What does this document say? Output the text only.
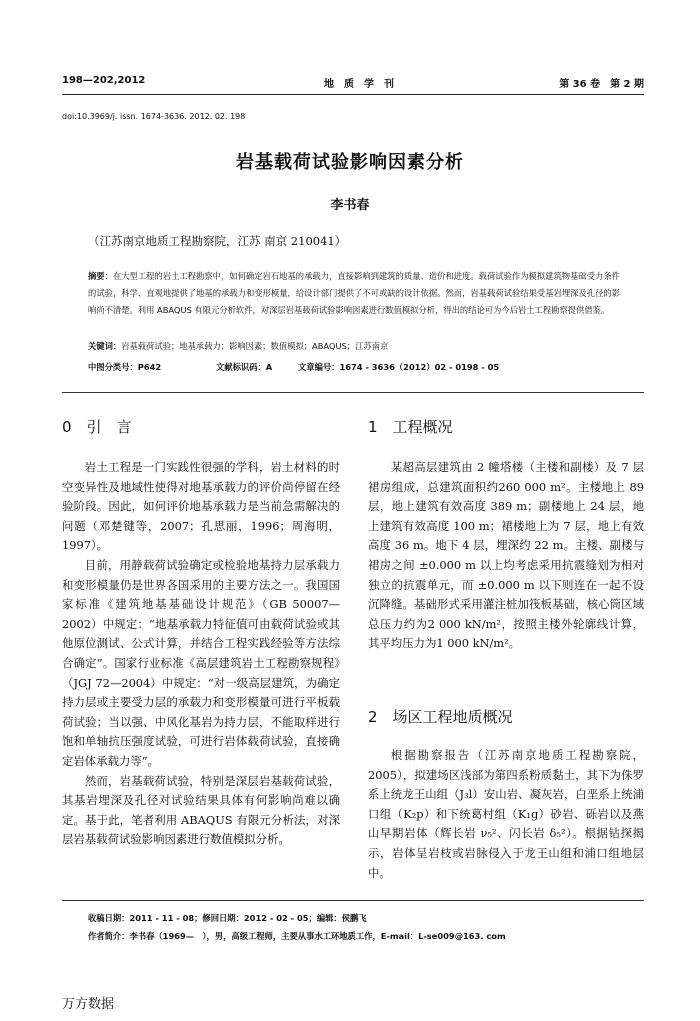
198—202,2012	地　质　学　刊	第 36 卷　第 2 期
doi:10.3969/j. issn. 1674-3636. 2012. 02. 198
岩基载荷试验影响因素分析
李书春
（江苏南京地质工程勘察院，江苏 南京 210041）
摘要：在大型工程的岩土工程勘察中，如何确定岩石地基的承载力，直接影响到建筑的质量、造价和进度。载荷试验作为模拟建筑物基础受力条件的试验，科学、直观地提供了地基的承载力和变形模量，给设计部门提供了不可或缺的设计依据。然而，岩基载荷试验结果受基岩埋深及孔径的影响尚不清楚。利用 ABAQUS 有限元分析软件，对深层岩基载荷试验影响因素进行数值模拟分析，得出的结论可为今后岩土工程勘察提供借鉴。
关键词：岩基载荷试验；地基承载力；影响因素；数值模拟；ABAQUS；江苏南京
中图分类号：P642	文献标识码：A	文章编号：1674 - 3636（2012）02 - 0198 - 05
0　引　言

岩土工程是一门实践性很强的学科，岩土材料的时空变异性及地域性使得对地基承载力的评价尚停留在经验阶段。因此，如何评价地基承载力是当前急需解决的问题（邓楚键等，2007；孔思丽，1996；周海明，1997）。

目前，用静载荷试验确定或检验地基持力层承载力和变形模量仍是世界各国采用的主要方法之一。我国国家标准《建筑地基基础设计规范》（GB 50007—2002）中规定：“地基承载力特征值可由载荷试验或其他原位测试、公式计算，并结合工程实践经验等方法综合确定”。国家行业标准《高层建筑岩土工程勘察规程》（JGJ 72—2004）中规定：“对一级高层建筑，为确定持力层或主要受力层的承载力和变形模量可进行平板载荷试验；当以强、中风化基岩为持力层，不能取样进行饱和单轴抗压强度试验，可进行岩体载荷试验，直接确定岩体承载力等”。

然而，岩基载荷试验，特别是深层岩基载荷试验，其基岩埋深及孔径对试验结果具体有何影响尚难以确定。基于此，笔者利用 ABAQUS 有限元分析法，对深层岩基载荷试验影响因素进行数值模拟分析。

1　工程概况

某超高层建筑由 2 幢塔楼（主楼和副楼）及 7 层裙房组成，总建筑面积约260 000 m²。主楼地上 89 层，地上建筑有效高度 389 m；副楼地上 24 层，地上建筑有效高度 100 m；裙楼地上为 7 层，地上有效高度 36 m。地下 4 层，埋深约 22 m。主楼、副楼与裙房之间 ±0.000 m 以上均考虑采用抗震缝划为相对独立的抗震单元，而 ±0.000 m 以下则连在一起不设沉降缝。基础形式采用灌注桩加筏板基础，核心筒区域总压力约为2 000 kN/m²，按照主楼外轮廓线计算，其平均压力为1 000 kN/m²。

2　场区工程地质概况

根据勘察报告（江苏南京地质工程勘察院，2005），拟建场区浅部为第四系粉质黏土，其下为侏罗系上统龙王山组（J₃l）安山岩、凝灰岩，白垩系上统浦口组（K₂p）和下统葛村组（K₁g）砂岩、砾岩以及燕山早期岩体（辉长岩 ν₅²、闪长岩 δ₅²）。根据钻探揭示，岩体呈岩枝或岩脉侵入于龙王山组和浦口组地层中。

收稿日期：2011 - 11 - 08；修回日期：2012 - 02 - 05；编辑：侯鹏飞
作者简介：李书春（1969—　），男，高级工程师，主要从事水工环地质工作，E-mail：L-se009@163. com
万方数据
